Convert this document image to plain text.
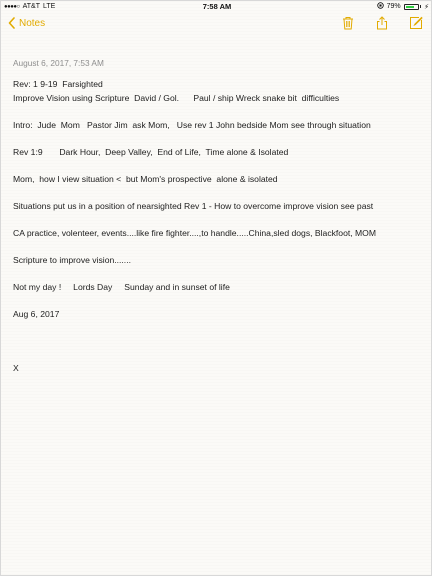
●●●●○ AT&T LTE	7:58 AM	79%	⚡
Notes
August 6, 2017, 7:53 AM
Rev: 1 9-19  Farsighted
Improve Vision using Scripture  David / Gol.      Paul / ship Wreck snake bit  difficulties
Intro:  Jude  Mom   Pastor Jim  ask Mom,   Use rev 1 John bedside Mom see through situation
Rev 1:9       Dark Hour,  Deep Valley,  End of Life,  Time alone & Isolated
Mom,  how I view situation <  but Mom's prospective  alone & isolated
Situations put us in a position of nearsighted Rev 1 - How to overcome improve vision see past
CA practice, volenteer, events....like fire fighter....,to handle.....China,sled dogs, Blackfoot, MOM
Scripture to improve vision.......
Not my day !     Lords Day     Sunday and in sunset of life
Aug 6, 2017
X
